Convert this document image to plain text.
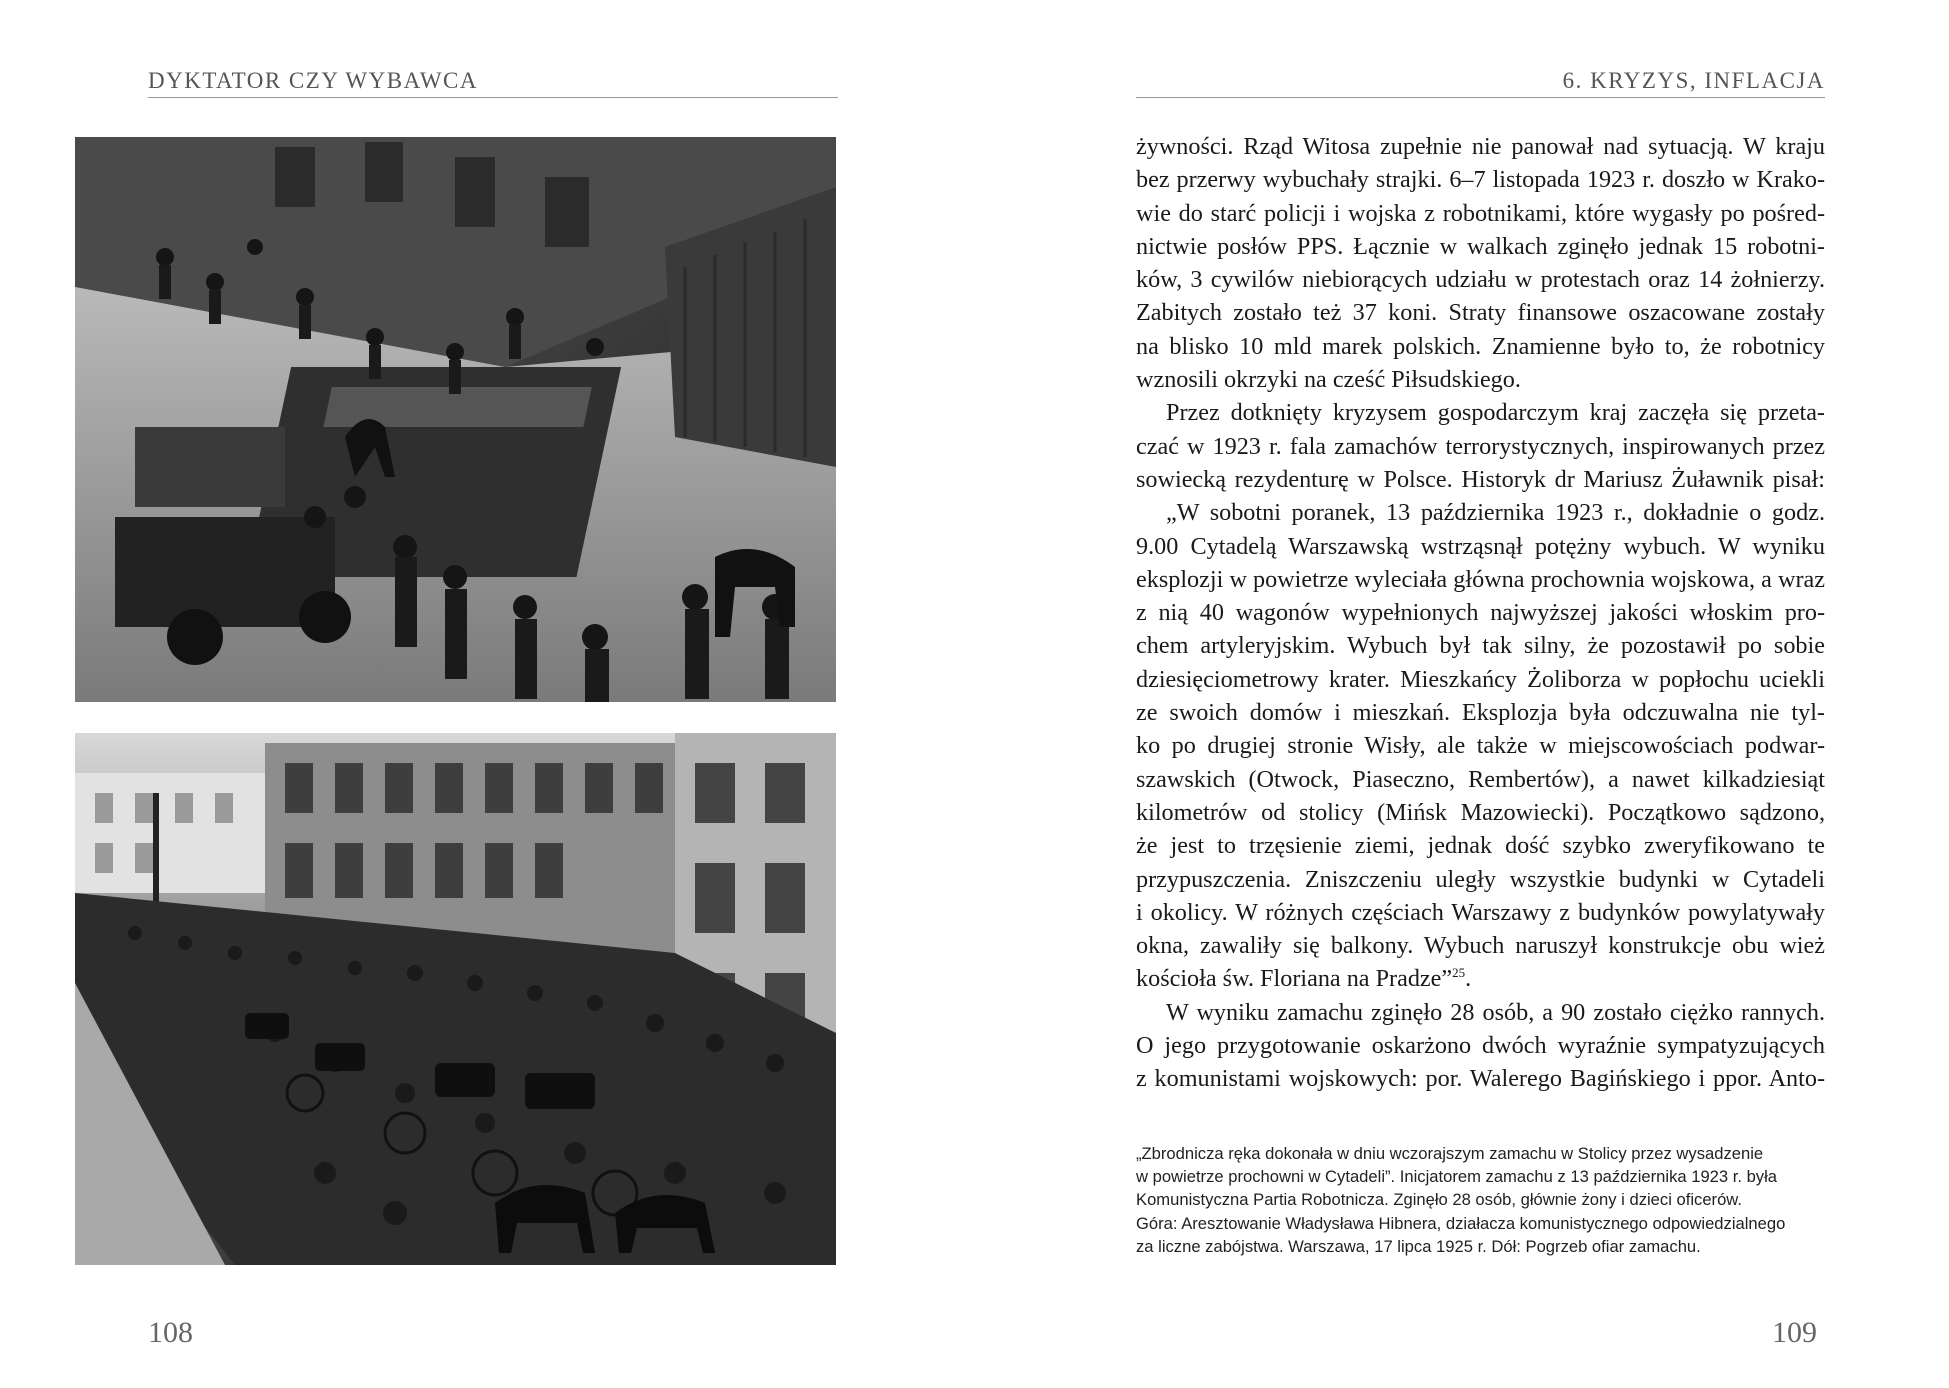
DYKTATOR CZY WYBAWCA	6. KRYZYS, INFLACJA

żywności. Rząd Witosa zupełnie nie panował nad sytuacją. W kraju

bez przerwy wybuchały strajki. 6–7 listopada 1923 r. doszło w Krako-

wie do starć policji i wojska z robotnikami, które wygasły po pośred-

nictwie posłów PPS. Łącznie w walkach zginęło jednak 15 robotni-

ków, 3 cywilów niebiorących udziału w protestach oraz 14 żołnierzy.

Zabitych zostało też 37 koni. Straty finansowe oszacowane zostały

na blisko 10 mld marek polskich. Znamienne było to, że robotnicy

wznosili okrzyki na cześć Piłsudskiego.

Przez dotknięty kryzysem gospodarczym kraj zaczęła się przeta-

czać w 1923 r. fala zamachów terrorystycznych, inspirowanych przez

sowiecką rezydenturę w Polsce. Historyk dr Mariusz Żuławnik pisał:

„W sobotni poranek, 13 października 1923 r., dokładnie o godz.

9.00 Cytadelą Warszawską wstrząsnął potężny wybuch. W wyniku

eksplozji w powietrze wyleciała główna prochownia wojskowa, a wraz

z nią 40 wagonów wypełnionych najwyższej jakości włoskim pro-

chem artyleryjskim. Wybuch był tak silny, że pozostawił po sobie

dziesięciometrowy krater. Mieszkańcy Żoliborza w popłochu uciekli

ze swoich domów i mieszkań. Eksplozja była odczuwalna nie tyl-

ko po drugiej stronie Wisły, ale także w miejscowościach podwar-

szawskich (Otwock, Piaseczno, Rembertów), a nawet kilkadziesiąt

kilometrów od stolicy (Mińsk Mazowiecki). Początkowo sądzono,

że jest to trzęsienie ziemi, jednak dość szybko zweryfikowano te

przypuszczenia. Zniszczeniu uległy wszystkie budynki w Cytadeli

i okolicy. W różnych częściach Warszawy z budynków powylatywały

okna, zawaliły się balkony. Wybuch naruszył konstrukcje obu wież

kościoła św. Floriana na Pradze”$^{25}$.

W wyniku zamachu zginęło 28 osób, a 90 zostało ciężko rannych.

O jego przygotowanie oskarżono dwóch wyraźnie sympatyzujących

z komunistami wojskowych: por. Walerego Bagińskiego i ppor. Anto-

„Zbrodnicza ręka dokonała w dniu wczorajszym zamachu w Stolicy przez wysadzenie

w powietrze prochowni w Cytadeli”. Inicjatorem zamachu z 13 października 1923 r. była

Komunistyczna Partia Robotnicza. Zginęło 28 osób, głównie żony i dzieci oficerów.

Góra: Aresztowanie Władysława Hibnera, działacza komunistycznego odpowiedzialnego

za liczne zabójstwa. Warszawa, 17 lipca 1925 r. Dół: Pogrzeb ofiar zamachu.

108	109
